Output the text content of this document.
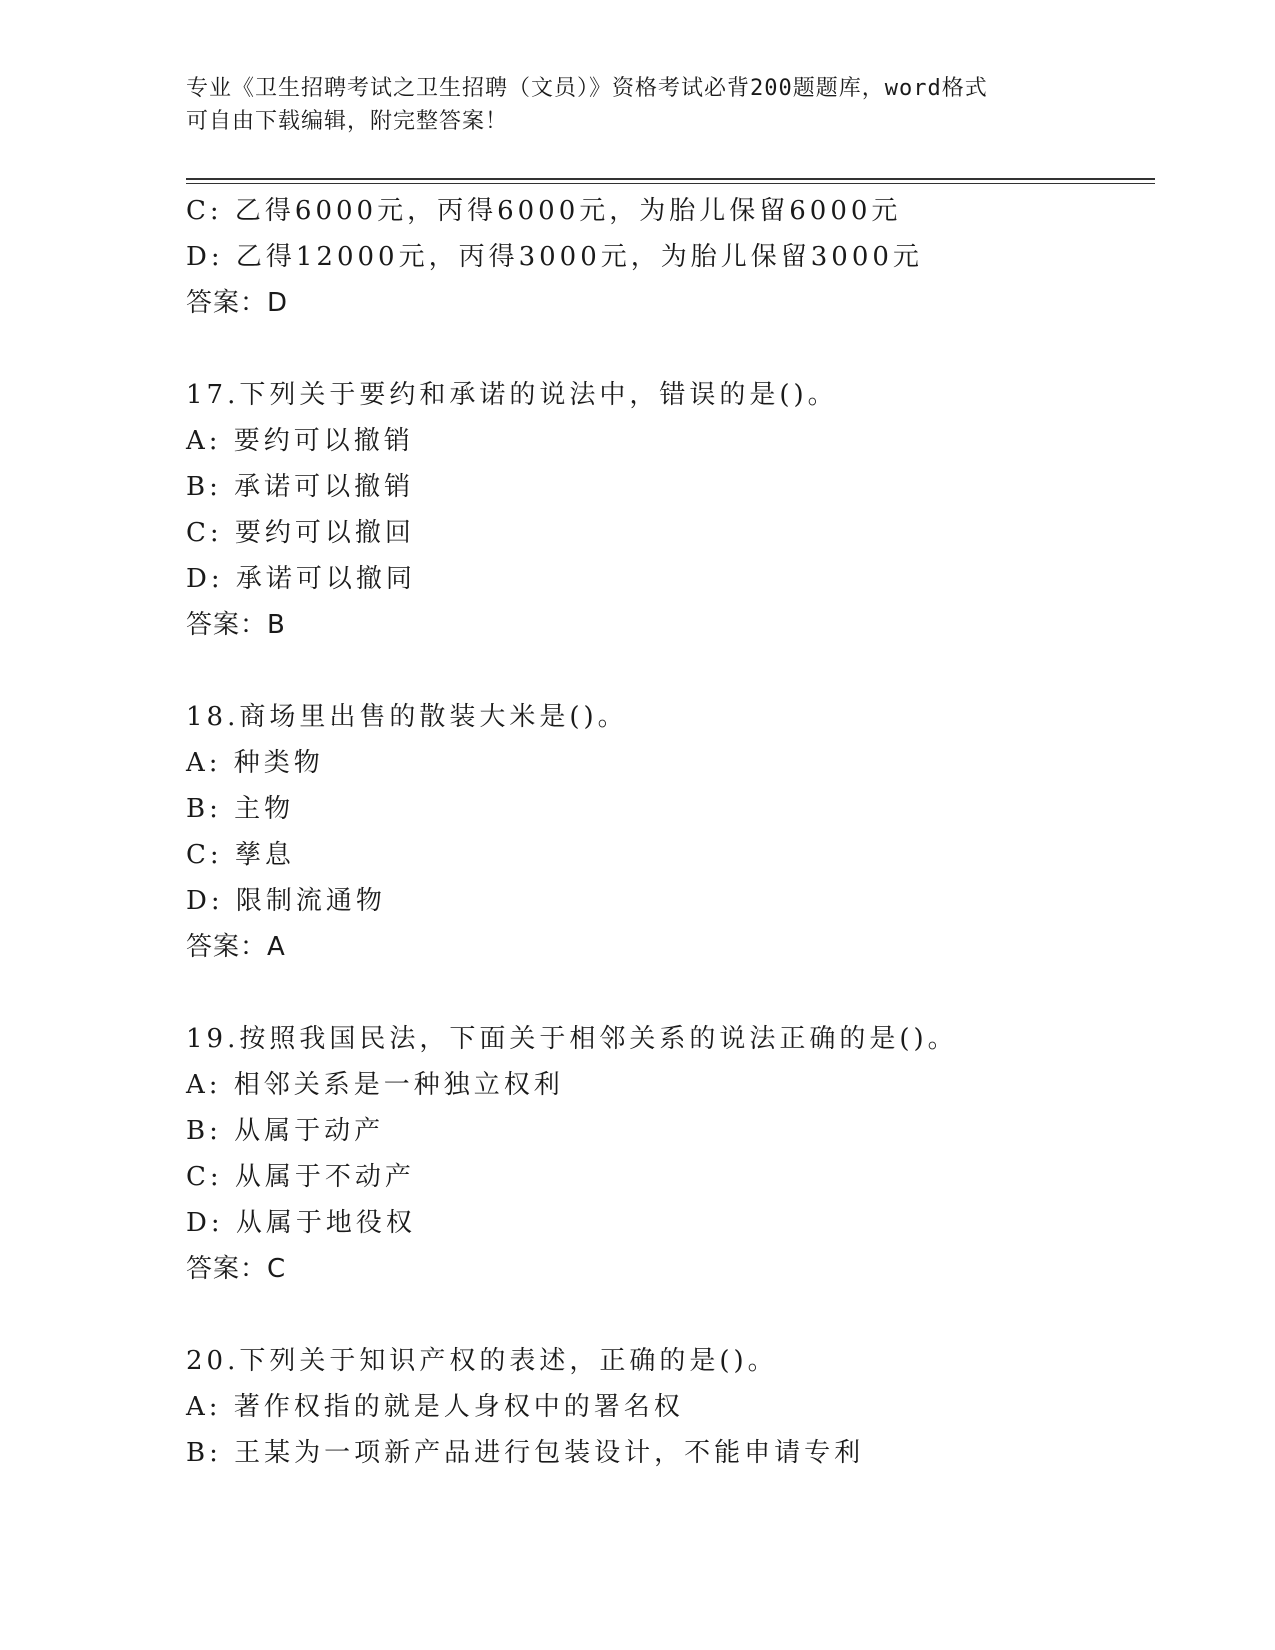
专业《卫生招聘考试之卫生招聘（文员）》资格考试必背200题题库，word格式
可自由下载编辑，附完整答案！
C: 乙得6000元，丙得6000元，为胎儿保留6000元
D: 乙得12000元，丙得3000元，为胎儿保留3000元
答案：D
17.下列关于要约和承诺的说法中，错误的是()。
A: 要约可以撤销
B: 承诺可以撤销
C: 要约可以撤回
D: 承诺可以撤同
答案：B
18.商场里出售的散装大米是()。
A: 种类物
B: 主物
C: 孳息
D: 限制流通物
答案：A
19.按照我国民法，下面关于相邻关系的说法正确的是()。
A: 相邻关系是一种独立权利
B: 从属于动产
C: 从属于不动产
D: 从属于地役权
答案：C
20.下列关于知识产权的表述，正确的是()。
A: 著作权指的就是人身权中的署名权
B: 王某为一项新产品进行包装设计，不能申请专利
